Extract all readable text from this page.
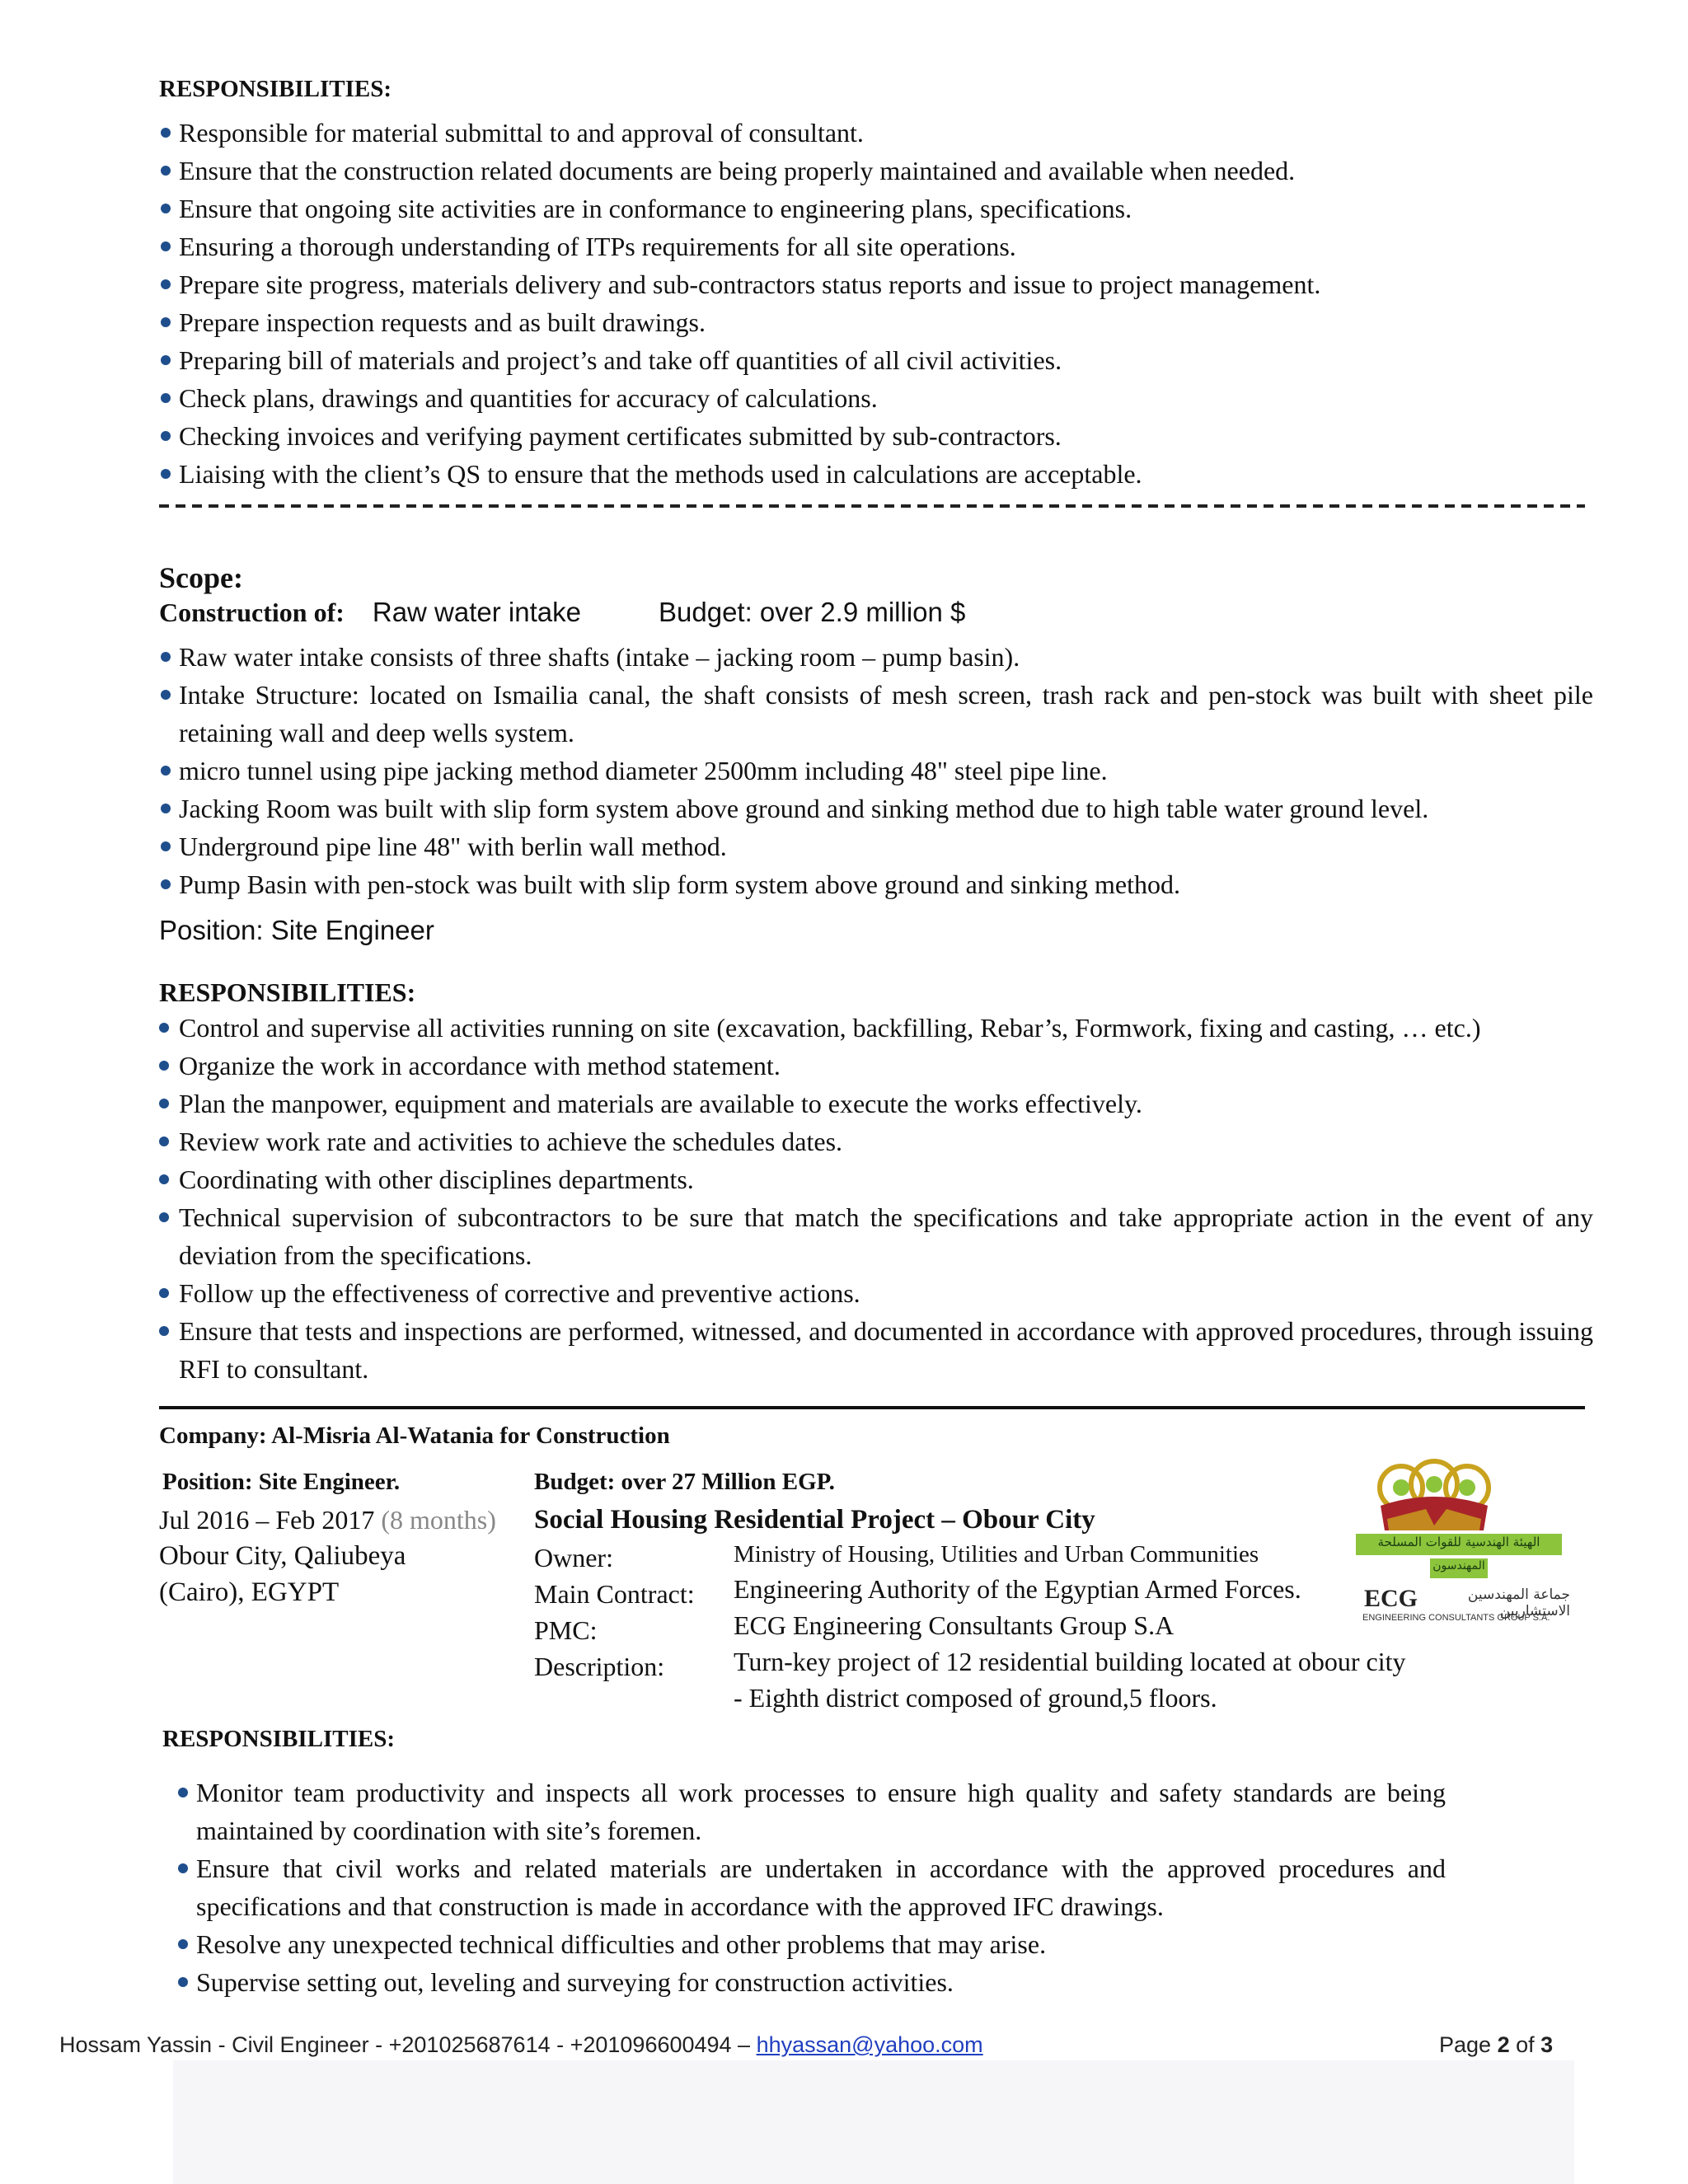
RESPONSIBILITIES:
Responsible for material submittal to and approval of consultant.
Ensure that the construction related documents are being properly maintained and available when needed.
Ensure that ongoing site activities are in conformance to engineering plans, specifications.
Ensuring a thorough understanding of ITPs requirements for all site operations.
Prepare site progress, materials delivery and sub-contractors status reports and issue to project management.
Prepare inspection requests and as built drawings.
Preparing bill of materials and project’s and take off quantities of all civil activities.
Check plans, drawings and quantities for accuracy of calculations.
Checking invoices and verifying payment certificates submitted by sub-contractors.
Liaising with the client’s QS to ensure that the methods used in calculations are acceptable.
Scope:
Construction of: Raw water intake	Budget: over 2.9 million $
Raw water intake consists of three shafts (intake – jacking room – pump basin).
Intake Structure: located on Ismailia canal, the shaft consists of mesh screen, trash rack and pen-stock was built with sheet pile retaining wall and deep wells system.
micro tunnel using pipe jacking method diameter 2500mm including 48" steel pipe line.
Jacking Room was built with slip form system above ground and sinking method due to high table water ground level.
Underground pipe line 48" with berlin wall method.
Pump Basin with pen-stock was built with slip form system above ground and sinking method.
Position: Site Engineer
RESPONSIBILITIES:
Control and supervise all activities running on site (excavation, backfilling, Rebar’s, Formwork, fixing and casting, … etc.)
Organize the work in accordance with method statement.
Plan the manpower, equipment and materials are available to execute the works effectively.
Review work rate and activities to achieve the schedules dates.
Coordinating with other disciplines departments.
Technical supervision of subcontractors to be sure that match the specifications and take appropriate action in the event of any deviation from the specifications.
Follow up the effectiveness of corrective and preventive actions.
Ensure that tests and inspections are performed, witnessed, and documented in accordance with approved procedures, through issuing RFI to consultant.
Company: Al-Misria Al-Watania for Construction
Position: Site Engineer.	Budget: over 27 Million EGP.
Jul 2016 – Feb 2017 (8 months)
Obour City, Qaliubeya
(Cairo), EGYPT
Social Housing Residential Project – Obour City
Owner:	Ministry of Housing, Utilities and Urban Communities
Main Contract: Engineering Authority of the Egyptian Armed Forces.
PMC:	ECG Engineering Consultants Group S.A
Description:	Turn-key project of 12 residential building located at obour city
- Eighth district composed of ground,5 floors.
الهيئة الهندسية للقوات المسلحة
المهندسون
ECG	جماعة المهندسين الاستشاريين
ENGINEERING CONSULTANTS GROUP S.A.
RESPONSIBILITIES:
Monitor team productivity and inspects all work processes to ensure high quality and safety standards are being maintained by coordination with site’s foremen.
Ensure that civil works and related materials are undertaken in accordance with the approved procedures and specifications and that construction is made in accordance with the approved IFC drawings.
Resolve any unexpected technical difficulties and other problems that may arise.
Supervise setting out, leveling and surveying for construction activities.
Hossam Yassin - Civil Engineer - +201025687614 - +201096600494 – hhyassan@yahoo.com	Page 2 of 3
